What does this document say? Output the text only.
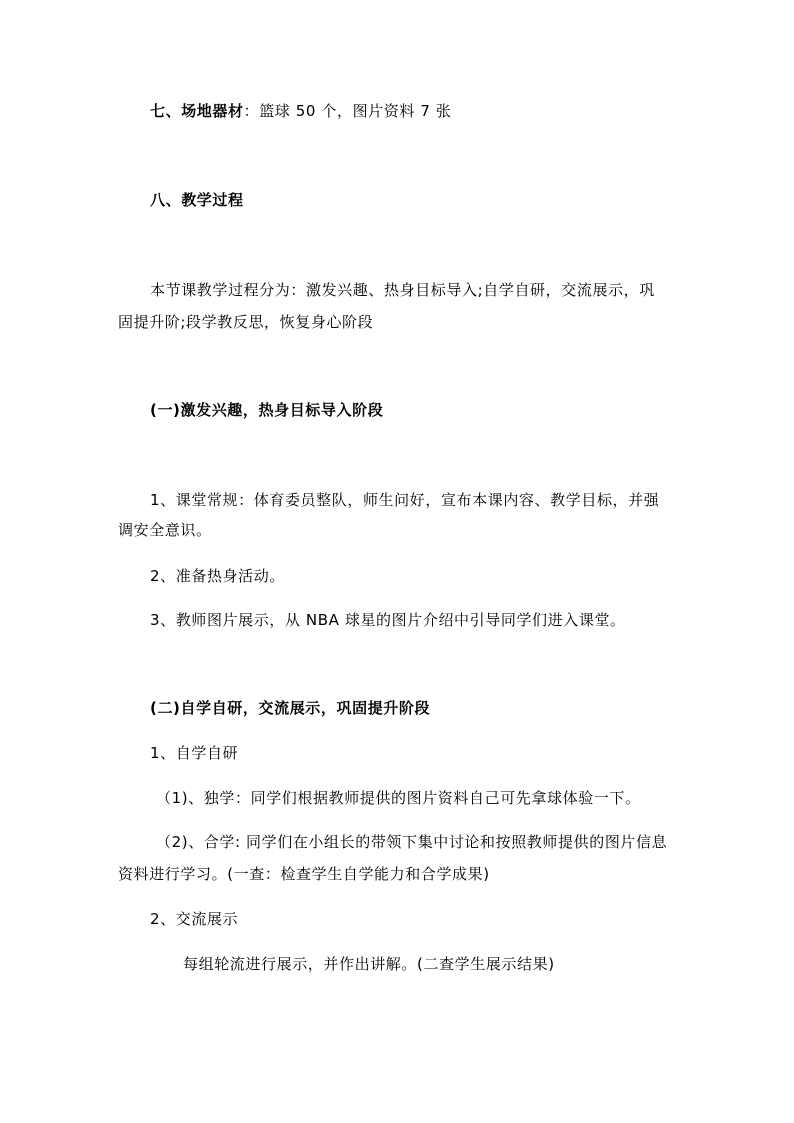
七、场地器材：篮球 50 个，图片资料 7 张
八、教学过程
本节课教学过程分为：激发兴趣、热身目标导入;自学自研，交流展示，巩
固提升阶;段学教反思，恢复身心阶段
(一)激发兴趣，热身目标导入阶段
1、课堂常规：体育委员整队，师生问好，宣布本课内容、教学目标，并强
调安全意识。
2、准备热身活动。
3、教师图片展示，从 NBA 球星的图片介绍中引导同学们进入课堂。
(二)自学自研，交流展示，巩固提升阶段
1、自学自研
（1)、独学：同学们根据教师提供的图片资料自己可先拿球体验一下。
（2)、合学: 同学们在小组长的带领下集中讨论和按照教师提供的图片信息
资料进行学习。(一查：检查学生自学能力和合学成果)
2、交流展示
每组轮流进行展示，并作出讲解。(二查学生展示结果)
